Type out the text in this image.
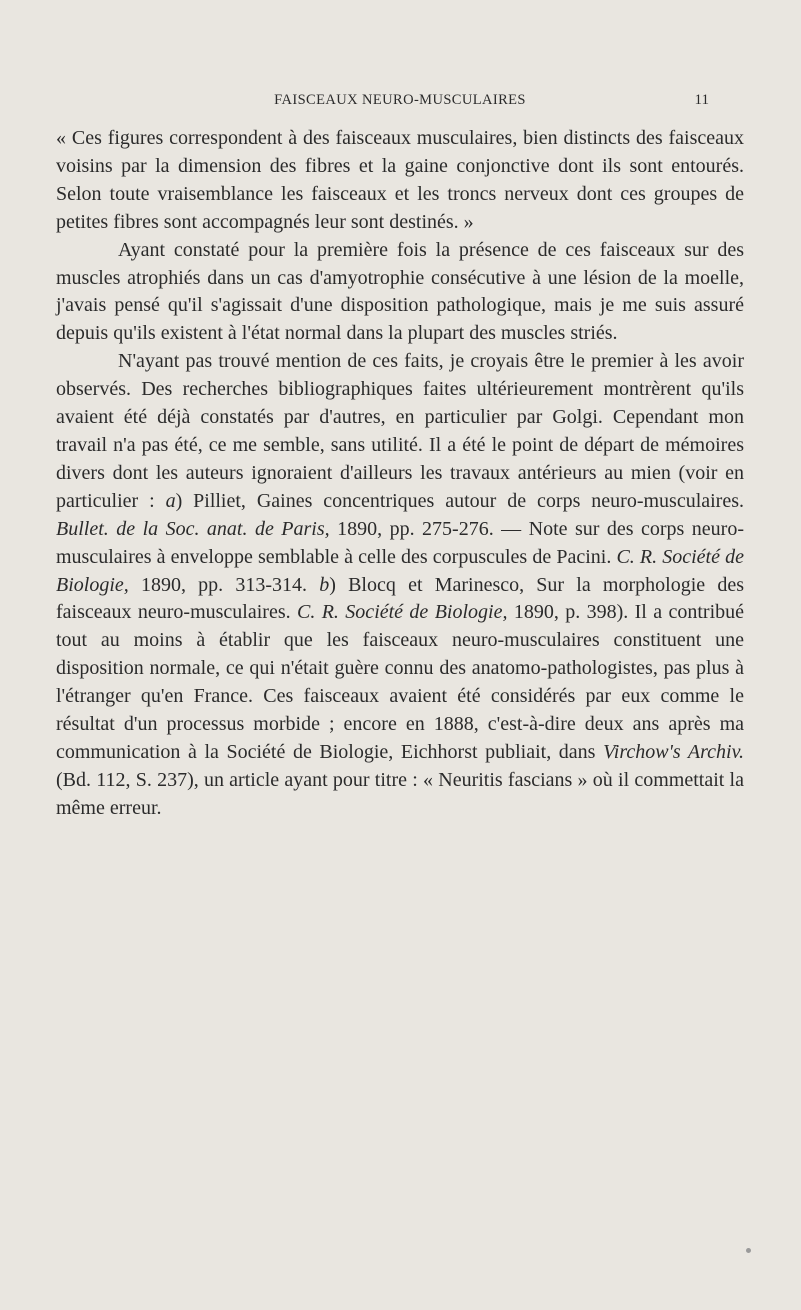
FAISCEAUX NEURO-MUSCULAIRES	11

« Ces figures correspondent à des faisceaux musculaires, bien distincts des faisceaux voisins par la dimension des fibres et la gaine conjonctive dont ils sont entourés. Selon toute vraisemblance les faisceaux et les troncs nerveux dont ces groupes de petites fibres sont accompagnés leur sont destinés. »

Ayant constaté pour la première fois la présence de ces faisceaux sur des muscles atrophiés dans un cas d'amyotrophie consécutive à une lésion de la moelle, j'avais pensé qu'il s'agissait d'une disposition pathologique, mais je me suis assuré depuis qu'ils existent à l'état normal dans la plupart des muscles striés.

N'ayant pas trouvé mention de ces faits, je croyais être le premier à les avoir observés. Des recherches bibliographiques faites ultérieurement montrèrent qu'ils avaient été déjà constatés par d'autres, en particulier par Golgi. Cependant mon travail n'a pas été, ce me semble, sans utilité. Il a été le point de départ de mémoires divers dont les auteurs ignoraient d'ailleurs les travaux antérieurs au mien (voir en particulier : a) Pilliet, Gaines concentriques autour de corps neuro-musculaires. Bullet. de la Soc. anat. de Paris, 1890, pp. 275-276. — Note sur des corps neuro-musculaires à enveloppe semblable à celle des corpuscules de Pacini. C. R. Société de Biologie, 1890, pp. 313-314. b) Blocq et Marinesco, Sur la morphologie des faisceaux neuro-musculaires. C. R. Société de Biologie, 1890, p. 398). Il a contribué tout au moins à établir que les faisceaux neuro-musculaires constituent une disposition normale, ce qui n'était guère connu des anatomo-pathologistes, pas plus à l'étranger qu'en France. Ces faisceaux avaient été considérés par eux comme le résultat d'un processus morbide ; encore en 1888, c'est-à-dire deux ans après ma communication à la Société de Biologie, Eichhorst publiait, dans Virchow's Archiv. (Bd. 112, S. 237), un article ayant pour titre : « Neuritis fascians » où il commettait la même erreur.
